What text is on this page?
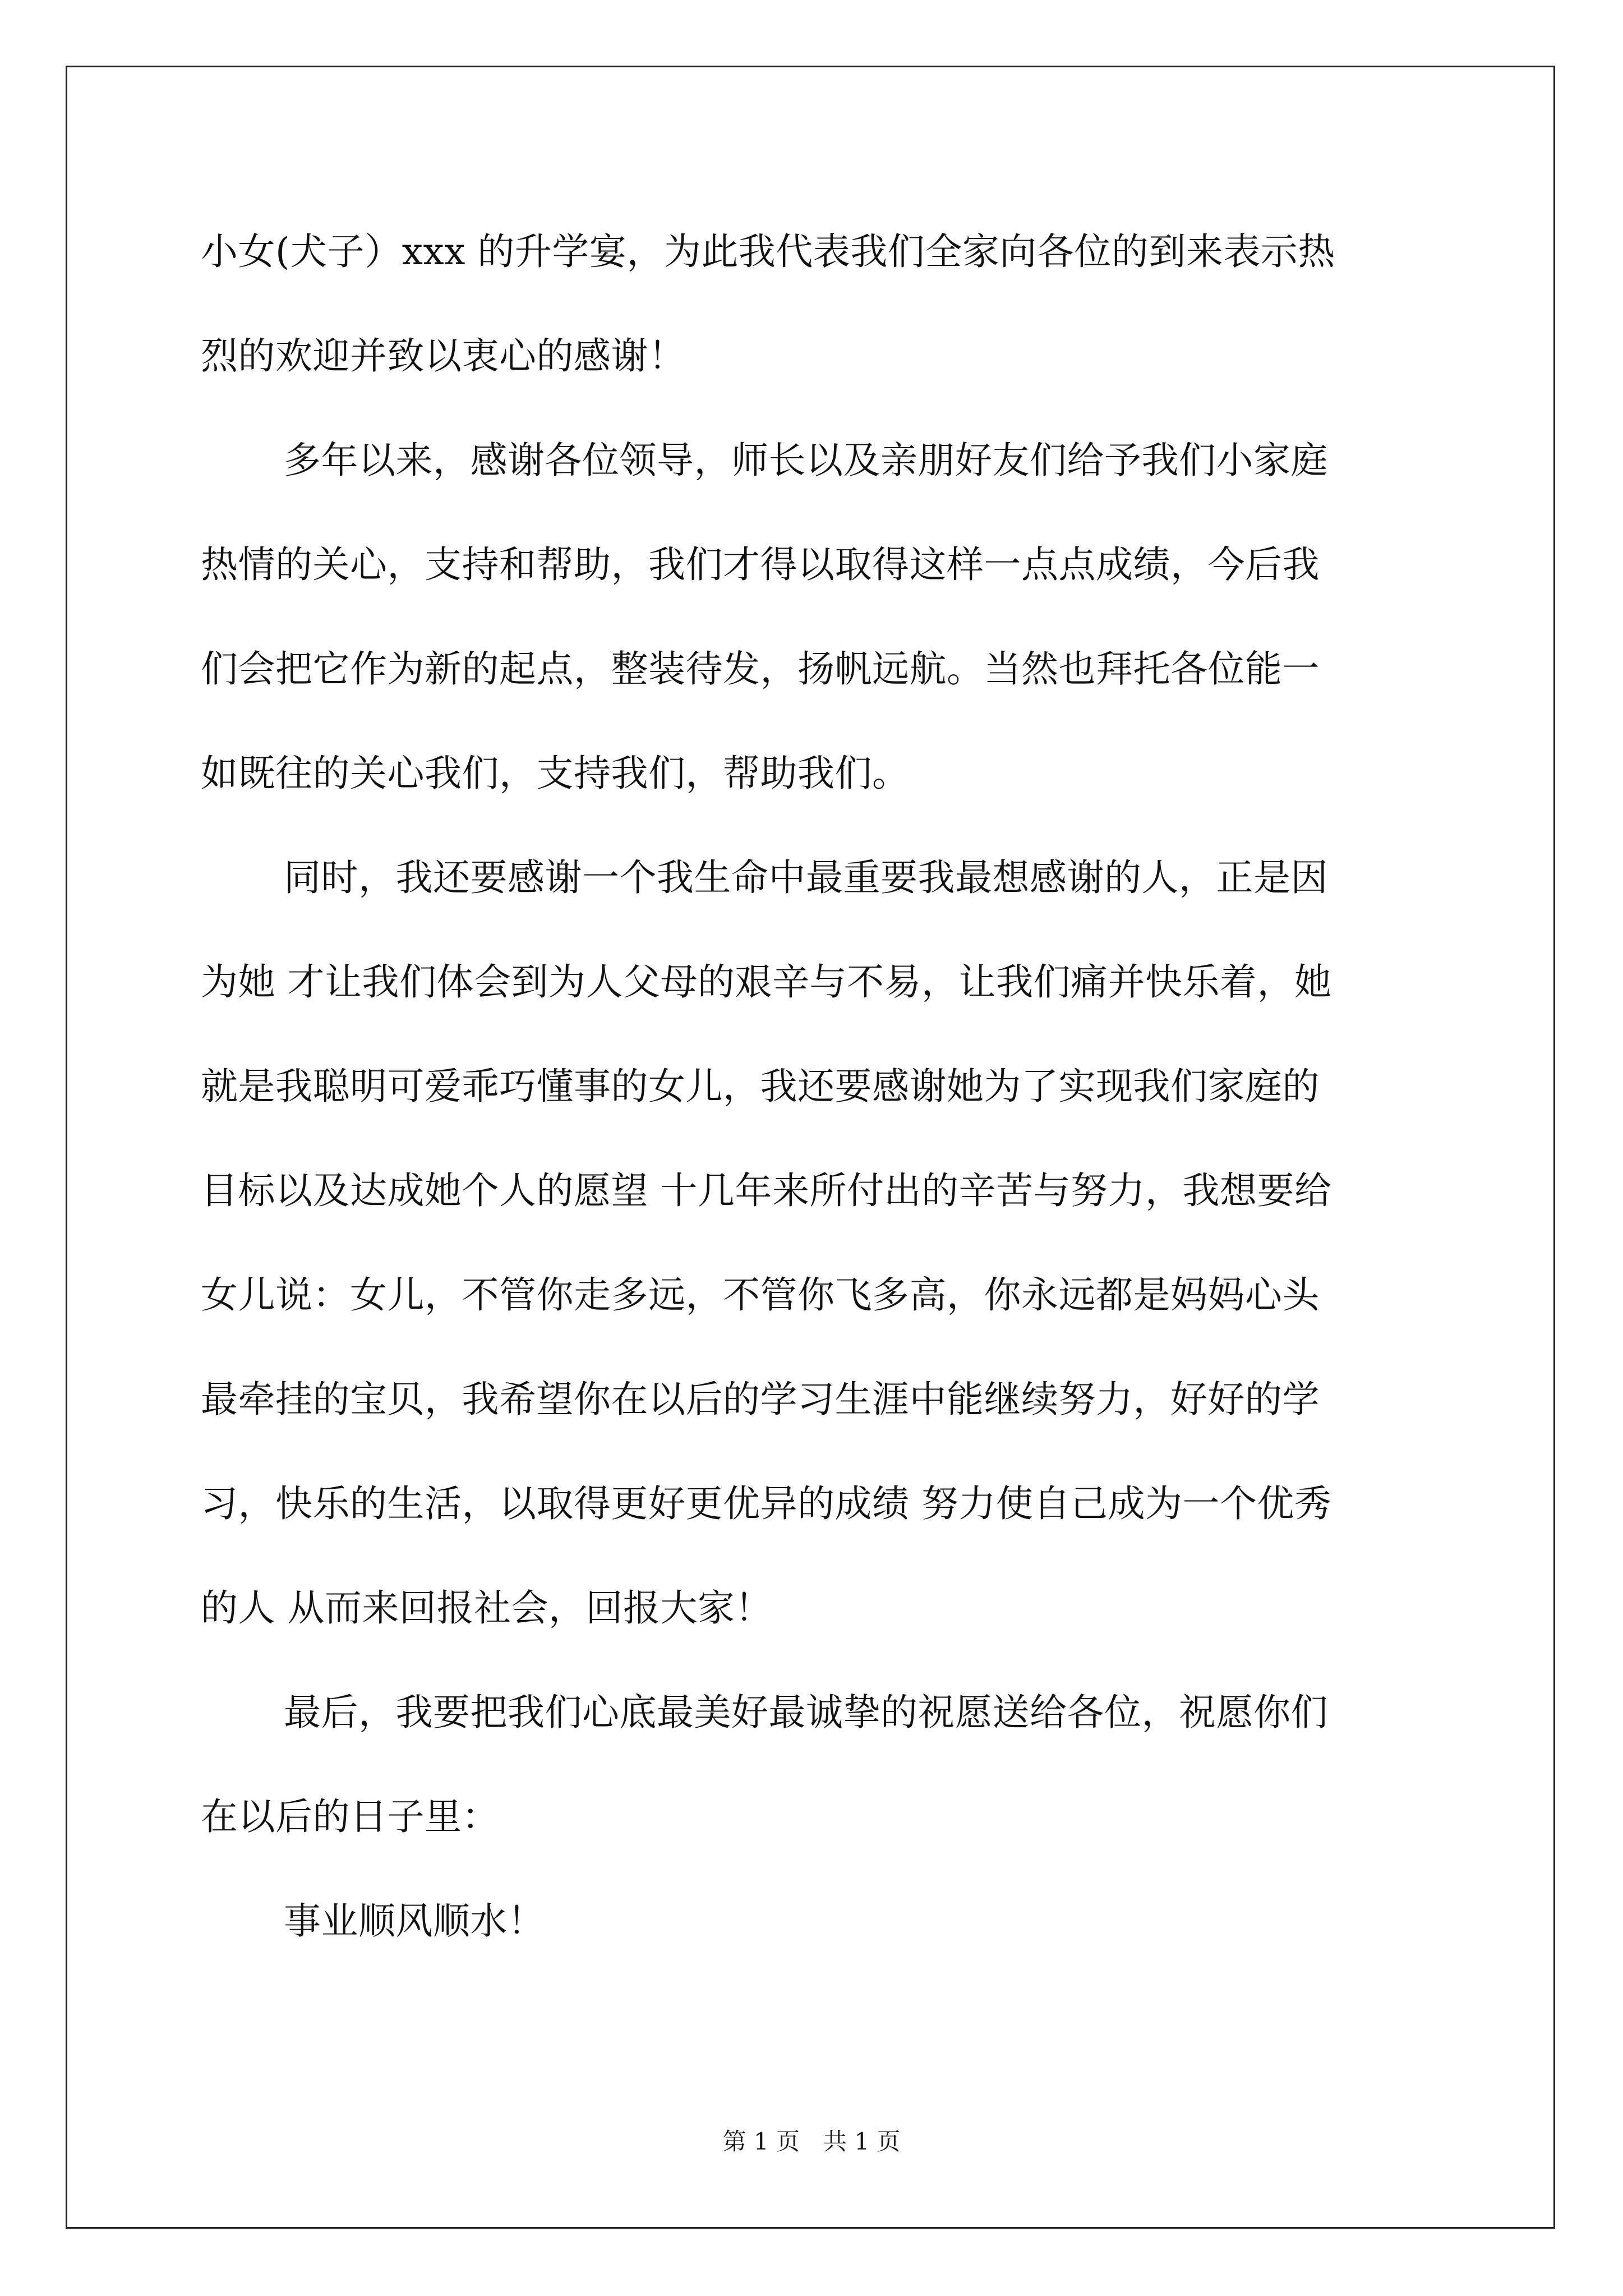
小女(犬子）xxx 的升学宴，为此我代表我们全家向各位的到来表示热
烈的欢迎并致以衷心的感谢！
多年以来，感谢各位领导，师长以及亲朋好友们给予我们小家庭
热情的关心，支持和帮助，我们才得以取得这样一点点成绩，今后我
们会把它作为新的起点，整装待发，扬帆远航。当然也拜托各位能一
如既往的关心我们，支持我们，帮助我们。
同时，我还要感谢一个我生命中最重要我最想感谢的人，正是因
为她 才让我们体会到为人父母的艰辛与不易，让我们痛并快乐着，她
就是我聪明可爱乖巧懂事的女儿，我还要感谢她为了实现我们家庭的
目标以及达成她个人的愿望 十几年来所付出的辛苦与努力，我想要给
女儿说：女儿，不管你走多远，不管你飞多高，你永远都是妈妈心头
最牵挂的宝贝，我希望你在以后的学习生涯中能继续努力，好好的学
习，快乐的生活，以取得更好更优异的成绩 努力使自己成为一个优秀
的人 从而来回报社会，回报大家！
最后，我要把我们心底最美好最诚挚的祝愿送给各位，祝愿你们
在以后的日子里：
事业顺风顺水！
第 1 页　共 1 页
